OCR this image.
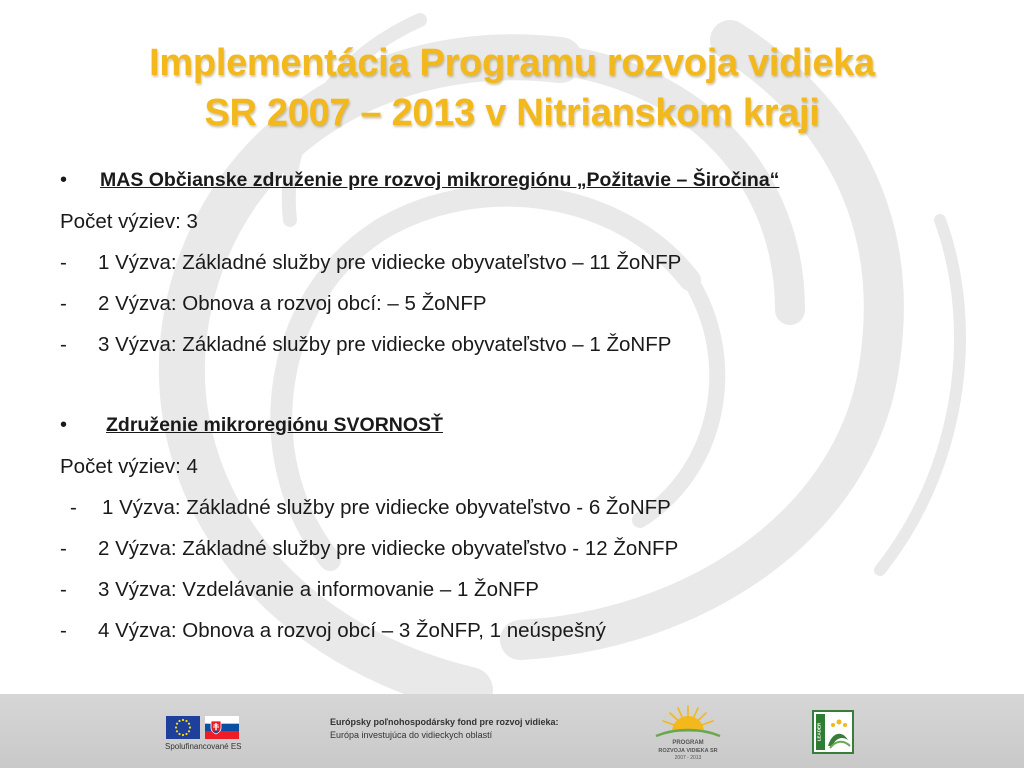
Implementácia Programu rozvoja vidieka
SR 2007 – 2013 v Nitrianskom kraji
• MAS Občianske združenie pre rozvoj mikroregiónu „Požitavie – Širočina“
Počet výziev: 3
- 1 Výzva: Základné služby pre vidiecke obyvateľstvo – 11 ŽoNFP
- 2 Výzva: Obnova a rozvoj obcí: – 5 ŽoNFP
- 3 Výzva: Základné služby pre vidiecke obyvateľstvo – 1 ŽoNFP
• Združenie mikroregiónu SVORNOSŤ
Počet výziev: 4
- 1 Výzva: Základné služby pre vidiecke obyvateľstvo - 6 ŽoNFP
- 2 Výzva: Základné služby pre vidiecke obyvateľstvo - 12 ŽoNFP
- 3 Výzva: Vzdelávanie a informovanie – 1 ŽoNFP
- 4 Výzva: Obnova a rozvoj obcí – 3 ŽoNFP, 1 neúspešný
Spolufinancované ES
Európsky poľnohospodársky fond pre rozvoj vidieka:
Európa investujúca do vidieckych oblastí
PROGRAM
ROZVOJA VIDIEKA SR
2007 - 2013
LEADER
